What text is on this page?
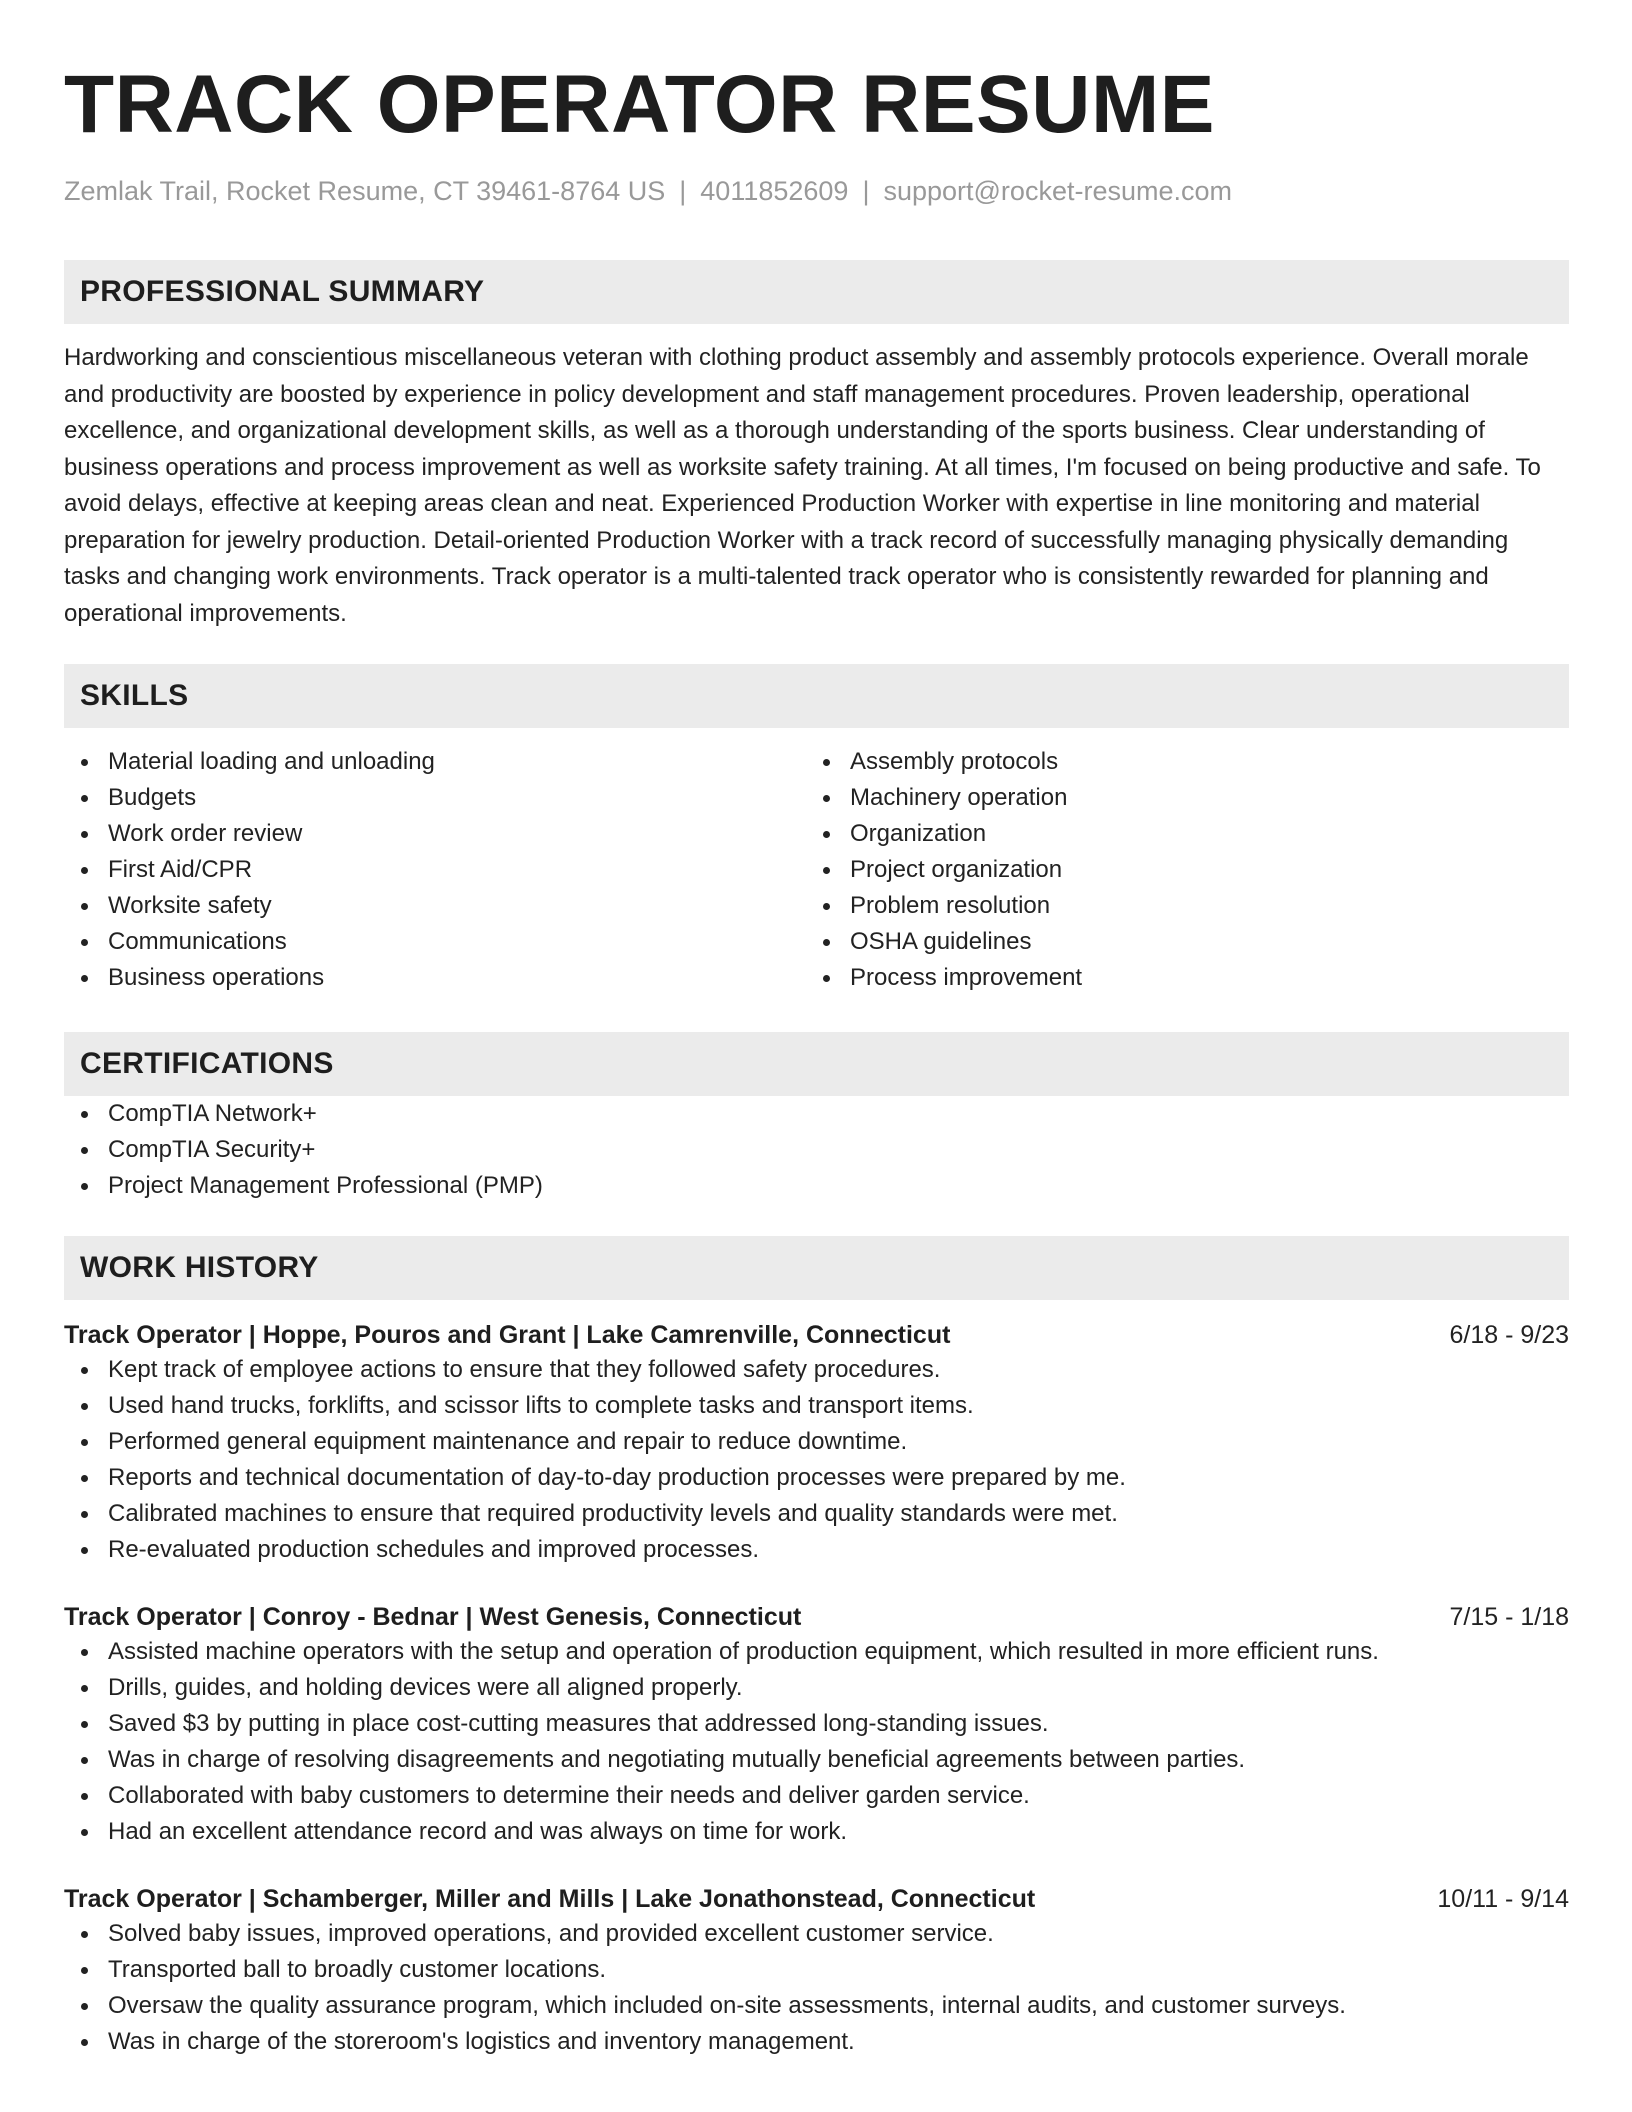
TRACK OPERATOR RESUME
Zemlak Trail, Rocket Resume, CT 39461-8764 US | 4011852609 | support@rocket-resume.com
PROFESSIONAL SUMMARY
Hardworking and conscientious miscellaneous veteran with clothing product assembly and assembly protocols experience. Overall morale and productivity are boosted by experience in policy development and staff management procedures. Proven leadership, operational excellence, and organizational development skills, as well as a thorough understanding of the sports business. Clear understanding of business operations and process improvement as well as worksite safety training. At all times, I'm focused on being productive and safe. To avoid delays, effective at keeping areas clean and neat. Experienced Production Worker with expertise in line monitoring and material preparation for jewelry production. Detail-oriented Production Worker with a track record of successfully managing physically demanding tasks and changing work environments. Track operator is a multi-talented track operator who is consistently rewarded for planning and operational improvements.
SKILLS
Material loading and unloading
Budgets
Work order review
First Aid/CPR
Worksite safety
Communications
Business operations
Assembly protocols
Machinery operation
Organization
Project organization
Problem resolution
OSHA guidelines
Process improvement
CERTIFICATIONS
CompTIA Network+
CompTIA Security+
Project Management Professional (PMP)
WORK HISTORY
Track Operator | Hoppe, Pouros and Grant | Lake Camrenville, Connecticut	6/18 - 9/23
Kept track of employee actions to ensure that they followed safety procedures.
Used hand trucks, forklifts, and scissor lifts to complete tasks and transport items.
Performed general equipment maintenance and repair to reduce downtime.
Reports and technical documentation of day-to-day production processes were prepared by me.
Calibrated machines to ensure that required productivity levels and quality standards were met.
Re-evaluated production schedules and improved processes.
Track Operator | Conroy - Bednar | West Genesis, Connecticut	7/15 - 1/18
Assisted machine operators with the setup and operation of production equipment, which resulted in more efficient runs.
Drills, guides, and holding devices were all aligned properly.
Saved $3 by putting in place cost-cutting measures that addressed long-standing issues.
Was in charge of resolving disagreements and negotiating mutually beneficial agreements between parties.
Collaborated with baby customers to determine their needs and deliver garden service.
Had an excellent attendance record and was always on time for work.
Track Operator | Schamberger, Miller and Mills | Lake Jonathonstead, Connecticut	10/11 - 9/14
Solved baby issues, improved operations, and provided excellent customer service.
Transported ball to broadly customer locations.
Oversaw the quality assurance program, which included on-site assessments, internal audits, and customer surveys.
Was in charge of the storeroom's logistics and inventory management.
